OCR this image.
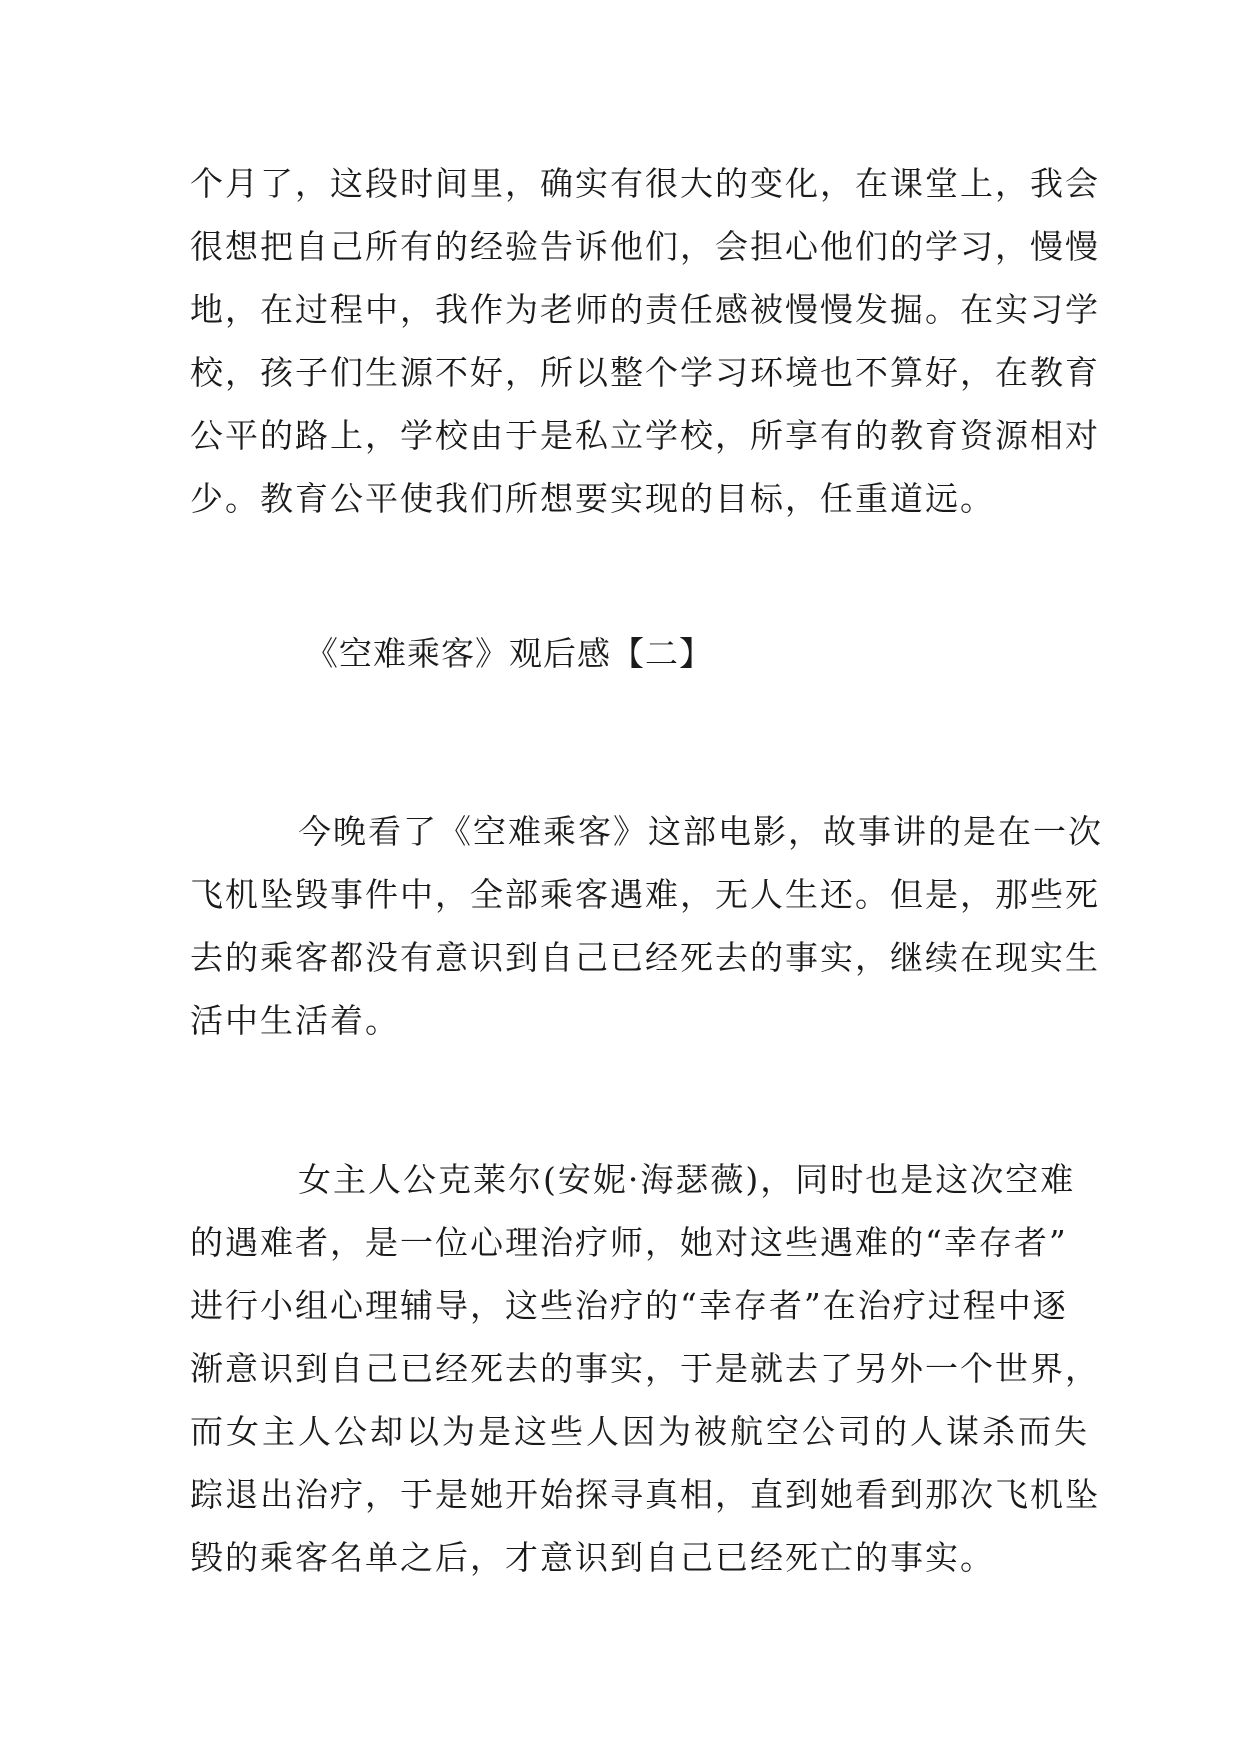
个月了，这段时间里，确实有很大的变化，在课堂上，我会
很想把自己所有的经验告诉他们，会担心他们的学习，慢慢
地，在过程中，我作为老师的责任感被慢慢发掘。在实习学
校，孩子们生源不好，所以整个学习环境也不算好，在教育
公平的路上，学校由于是私立学校，所享有的教育资源相对
少。教育公平使我们所想要实现的目标，任重道远。
《空难乘客》观后感【二】
今晚看了《空难乘客》这部电影，故事讲的是在一次
飞机坠毁事件中，全部乘客遇难，无人生还。但是，那些死
去的乘客都没有意识到自己已经死去的事实，继续在现实生
活中生活着。
女主人公克莱尔(安妮·海瑟薇)，同时也是这次空难
的遇难者，是一位心理治疗师，她对这些遇难的“幸存者”
进行小组心理辅导，这些治疗的“幸存者”在治疗过程中逐
渐意识到自己已经死去的事实，于是就去了另外一个世界，
而女主人公却以为是这些人因为被航空公司的人谋杀而失
踪退出治疗，于是她开始探寻真相，直到她看到那次飞机坠
毁的乘客名单之后，才意识到自己已经死亡的事实。
